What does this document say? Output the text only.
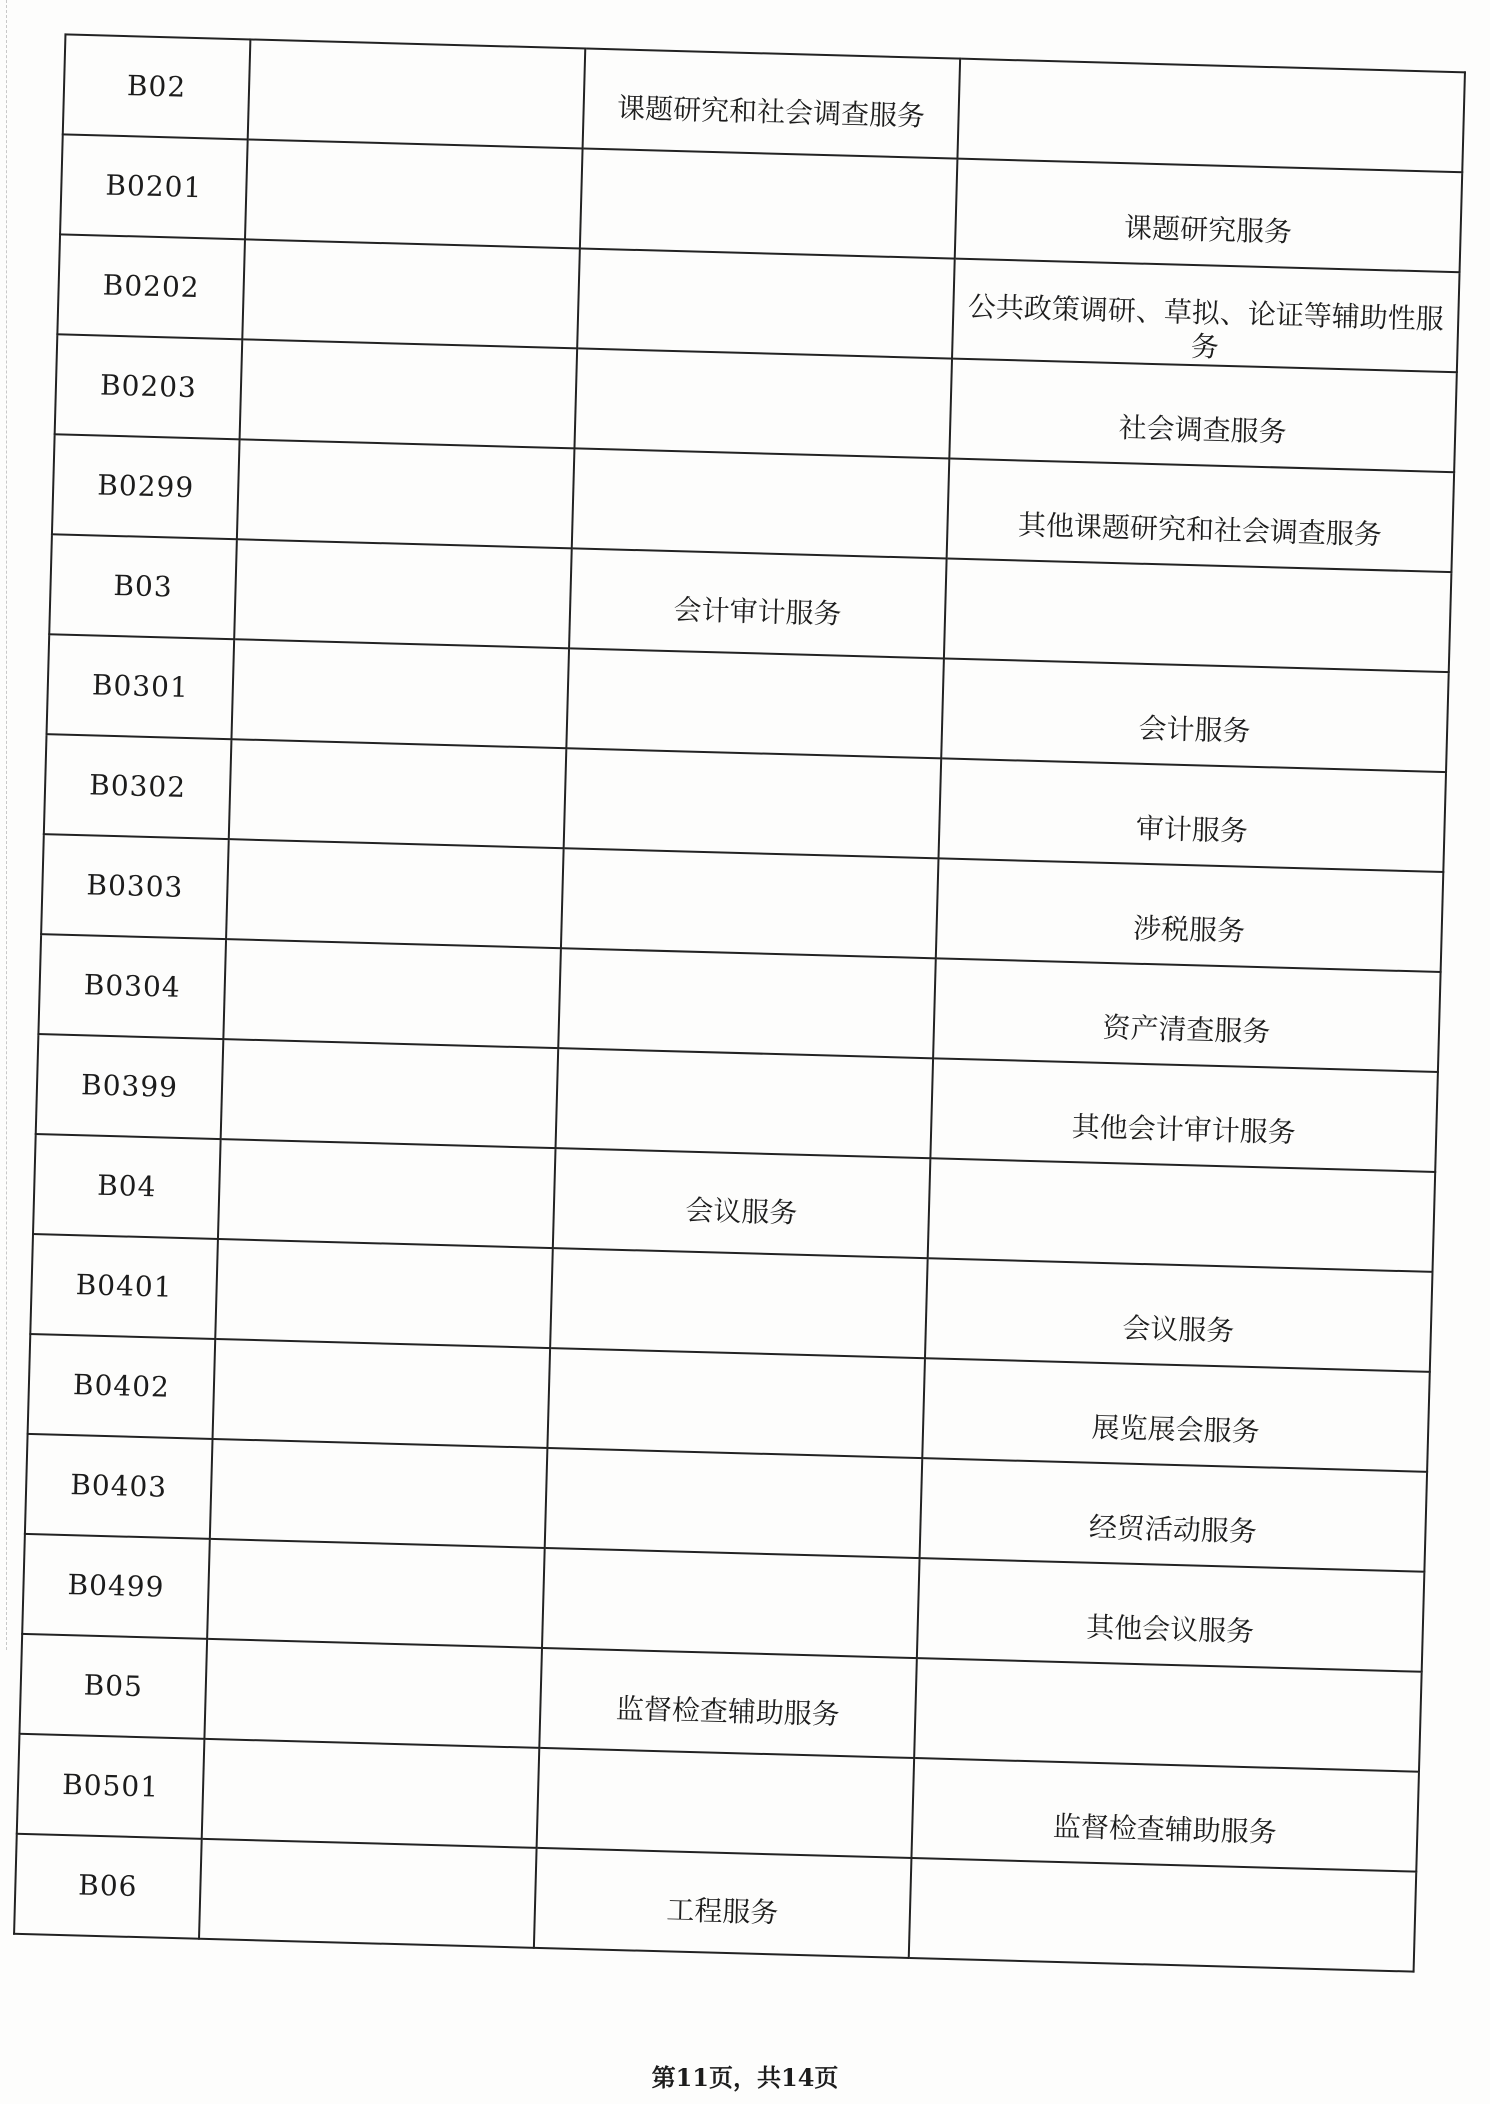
B02		课题研究和社会调查服务	

B0201			课题研究服务

B0202			公共政策调研、草拟、论证等辅助性服务

B0203			社会调查服务

B0299			其他课题研究和社会调查服务

B03		会计审计服务	

B0301			会计服务

B0302			审计服务

B0303			涉税服务

B0304			资产清查服务

B0399			其他会计审计服务

B04		会议服务	

B0401			会议服务

B0402			展览展会服务

B0403			经贸活动服务

B0499			其他会议服务

B05		监督检查辅助服务	

B0501			监督检查辅助服务

B06		工程服务	

第11页，共14页
